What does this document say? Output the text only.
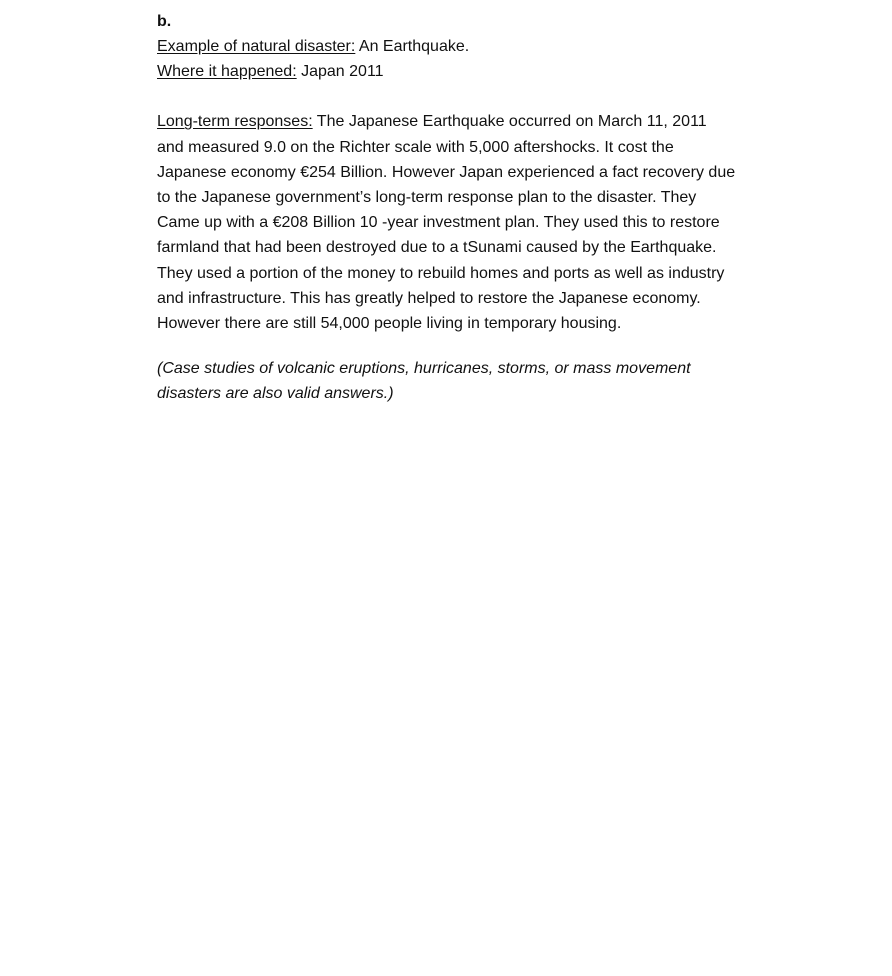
b.

Example of natural disaster: An Earthquake.

Where it happened: Japan 2011

Long-term responses: The Japanese Earthquake occurred on March 11, 2011 and measured 9.0 on the Richter scale with 5,000 aftershocks. It cost the Japanese economy €254 Billion. However Japan experienced a fact recovery due to the Japanese government’s long-term response plan to the disaster. They Came up with a €208 Billion 10 -year investment plan. They used this to restore farmland that had been destroyed due to a tSunami caused by the Earthquake. They used a portion of the money to rebuild homes and ports as well as industry and infrastructure. This has greatly helped to restore the Japanese economy. However there are still 54,000 people living in temporary housing.

(Case studies of volcanic eruptions, hurricanes, storms, or mass movement disasters are also valid answers.)
